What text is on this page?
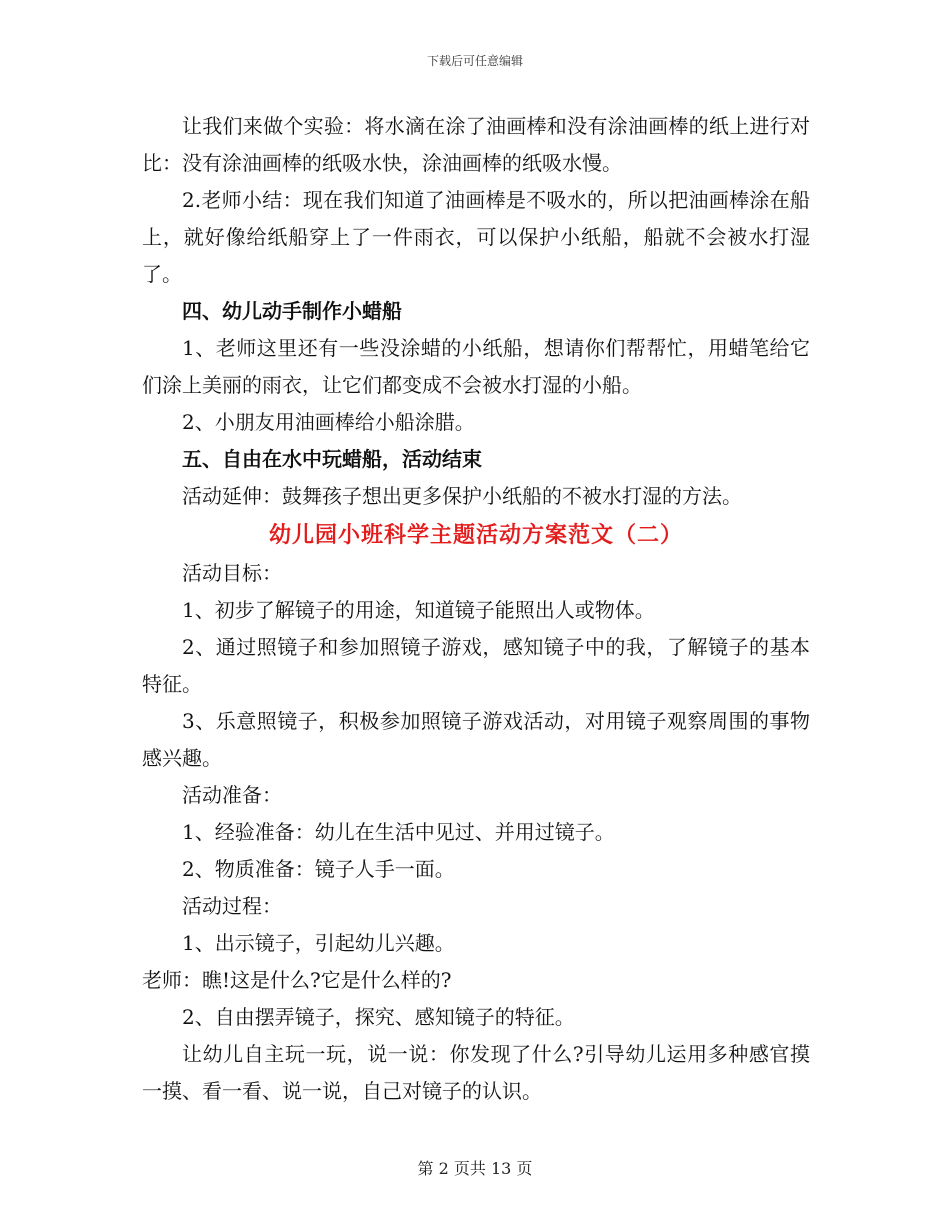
下载后可任意编辑

让我们来做个实验：将水滴在涂了油画棒和没有涂油画棒的纸上进行对比：没有涂油画棒的纸吸水快，涂油画棒的纸吸水慢。

2.老师小结：现在我们知道了油画棒是不吸水的，所以把油画棒涂在船上，就好像给纸船穿上了一件雨衣，可以保护小纸船，船就不会被水打湿了。

四、幼儿动手制作小蜡船

1、老师这里还有一些没涂蜡的小纸船，想请你们帮帮忙，用蜡笔给它们涂上美丽的雨衣，让它们都变成不会被水打湿的小船。

2、小朋友用油画棒给小船涂腊。

五、自由在水中玩蜡船，活动结束

活动延伸：鼓舞孩子想出更多保护小纸船的不被水打湿的方法。

幼儿园小班科学主题活动方案范文（二）

活动目标：

1、初步了解镜子的用途，知道镜子能照出人或物体。

2、通过照镜子和参加照镜子游戏，感知镜子中的我，了解镜子的基本特征。

3、乐意照镜子，积极参加照镜子游戏活动，对用镜子观察周围的事物感兴趣。

活动准备：

1、经验准备：幼儿在生活中见过、并用过镜子。

2、物质准备：镜子人手一面。

活动过程：

1、出示镜子，引起幼儿兴趣。

老师：瞧!这是什么?它是什么样的?

2、自由摆弄镜子，探究、感知镜子的特征。

让幼儿自主玩一玩，说一说：你发现了什么?引导幼儿运用多种感官摸一摸、看一看、说一说，自己对镜子的认识。

第 2 页共 13 页
